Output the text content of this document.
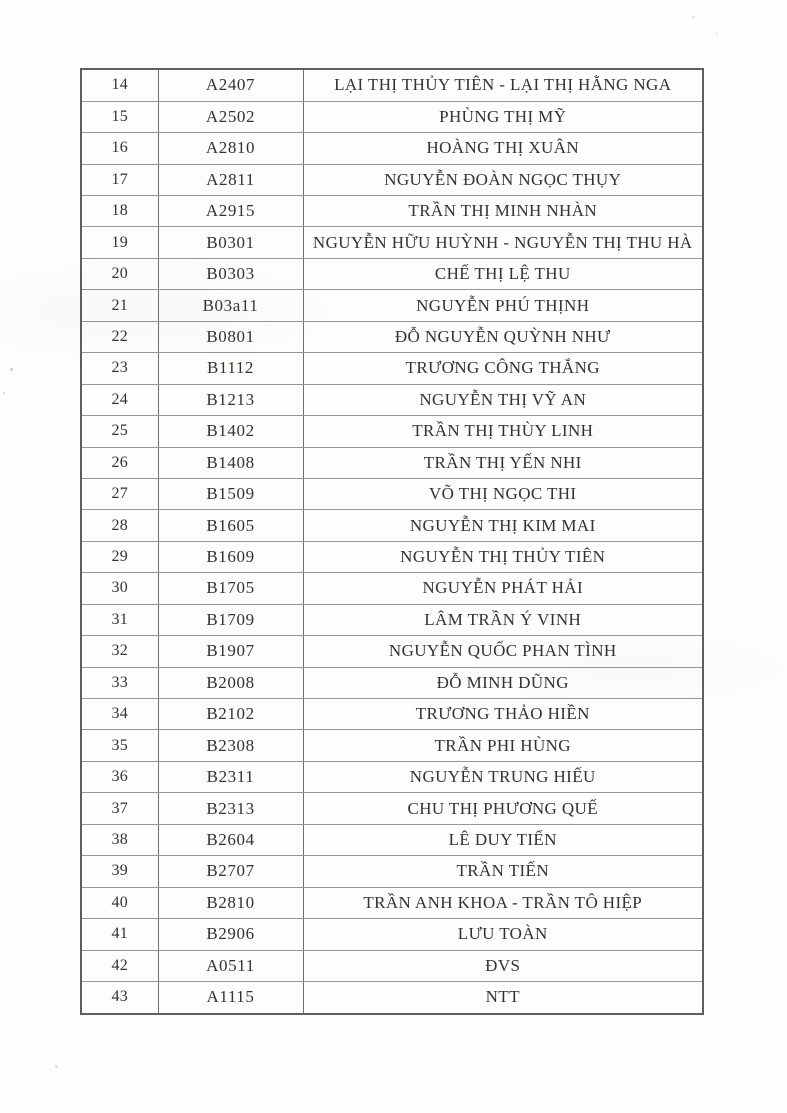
14	A2407	LẠI THỊ THỦY TIÊN - LẠI THỊ HẰNG NGA
15	A2502	PHÙNG THỊ MỸ
16	A2810	HOÀNG THỊ XUÂN
17	A2811	NGUYỄN ĐOÀN NGỌC THỤY
18	A2915	TRẦN THỊ MINH NHÀN
19	B0301	NGUYỄN HỮU HUỲNH - NGUYỄN THỊ THU HÀ
20	B0303	CHẾ THỊ LỆ THU
21	B03a11	NGUYỄN PHÚ THỊNH
22	B0801	ĐỖ NGUYỄN QUỲNH NHƯ
23	B1112	TRƯƠNG CÔNG THẮNG
24	B1213	NGUYỄN THỊ VỸ AN
25	B1402	TRẦN THỊ THÙY LINH
26	B1408	TRẦN THỊ YẾN NHI
27	B1509	VÕ THỊ NGỌC THI
28	B1605	NGUYỄN THỊ KIM MAI
29	B1609	NGUYỄN THỊ THỦY TIÊN
30	B1705	NGUYỄN PHÁT HẢI
31	B1709	LÂM TRẦN Ý VINH
32	B1907	NGUYỄN QUỐC PHAN TÌNH
33	B2008	ĐỖ MINH DŨNG
34	B2102	TRƯƠNG THẢO HIỀN
35	B2308	TRẦN PHI HÙNG
36	B2311	NGUYỄN TRUNG HIẾU
37	B2313	CHU THỊ PHƯƠNG QUẾ
38	B2604	LÊ DUY TIẾN
39	B2707	TRẦN TIẾN
40	B2810	TRẦN ANH KHOA - TRẦN TÔ HIỆP
41	B2906	LƯU TOÀN
42	A0511	ĐVS
43	A1115	NTT
